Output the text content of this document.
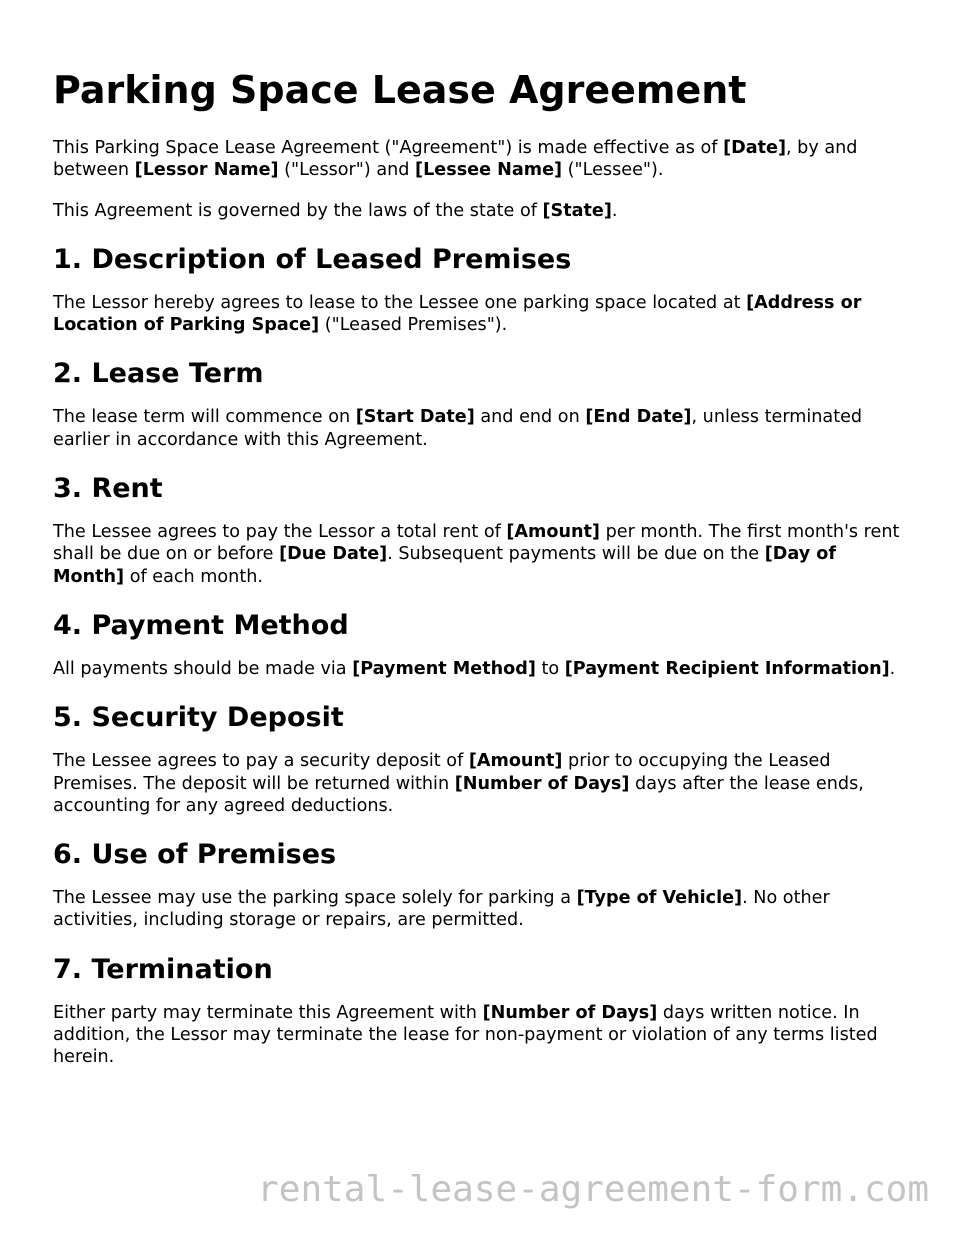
Parking Space Lease Agreement

This Parking Space Lease Agreement ("Agreement") is made effective as of [Date], by and between [Lessor Name] ("Lessor") and [Lessee Name] ("Lessee").

This Agreement is governed by the laws of the state of [State].

1. Description of Leased Premises

The Lessor hereby agrees to lease to the Lessee one parking space located at [Address or Location of Parking Space] ("Leased Premises").

2. Lease Term

The lease term will commence on [Start Date] and end on [End Date], unless terminated earlier in accordance with this Agreement.

3. Rent

The Lessee agrees to pay the Lessor a total rent of [Amount] per month. The first month's rent shall be due on or before [Due Date]. Subsequent payments will be due on the [Day of Month] of each month.

4. Payment Method

All payments should be made via [Payment Method] to [Payment Recipient Information].

5. Security Deposit

The Lessee agrees to pay a security deposit of [Amount] prior to occupying the Leased Premises. The deposit will be returned within [Number of Days] days after the lease ends, accounting for any agreed deductions.

6. Use of Premises

The Lessee may use the parking space solely for parking a [Type of Vehicle]. No other activities, including storage or repairs, are permitted.

7. Termination

Either party may terminate this Agreement with [Number of Days] days written notice. In addition, the Lessor may terminate the lease for non-payment or violation of any terms listed herein.

rental-lease-agreement-form.com
